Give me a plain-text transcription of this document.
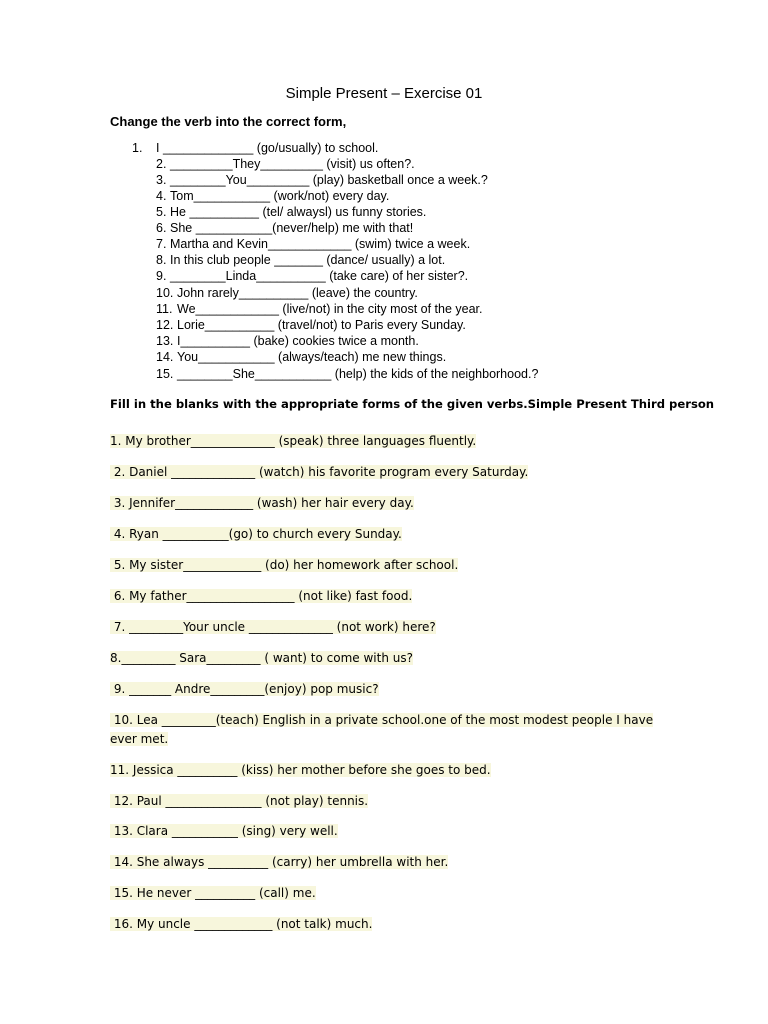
Simple Present – Exercise 01
Change the verb into the correct form,
1. I _____________ (go/usually) to school.
2. _________They_________ (visit) us often?.
3. ________You_________ (play) basketball once a week.?
4. Tom___________ (work/not) every day.
5. He __________ (tel/ alwaysl) us funny stories.
6. She ___________(never/help) me with that!
7. Martha and Kevin____________ (swim) twice a week.
8. In this club people _______ (dance/ usually) a lot.
9. ________Linda__________ (take care) of her sister?.
10. John rarely__________ (leave) the country.
11. We____________ (live/not) in the city most of the year.
12. Lorie__________ (travel/not) to Paris every Sunday.
13. I__________ (bake) cookies twice a month.
14. You___________ (always/teach) me new things.
15. ________She___________ (help) the kids of the neighborhood.?
Fill in the blanks with the appropriate forms of the given verbs.Simple Present Third person
1. My brother______________ (speak) three languages fluently.
2. Daniel ______________ (watch) his favorite program every Saturday.
3. Jennifer_____________ (wash) her hair every day.
4. Ryan ___________(go) to church every Sunday.
5. My sister_____________ (do) her homework after school.
6. My father__________________ (not like) fast food.
7. _________Your uncle ______________ (not work) here?
8._________ Sara_________ ( want) to come with us?
9. _______ Andre_________(enjoy) pop music?
10. Lea _________(teach) English in a private school.one of the most modest people I have
ever met.
11. Jessica __________ (kiss) her mother before she goes to bed.
12. Paul ________________ (not play) tennis.
13. Clara ___________ (sing) very well.
14. She always __________ (carry) her umbrella with her.
15. He never __________ (call) me.
16. My uncle _____________ (not talk) much.
